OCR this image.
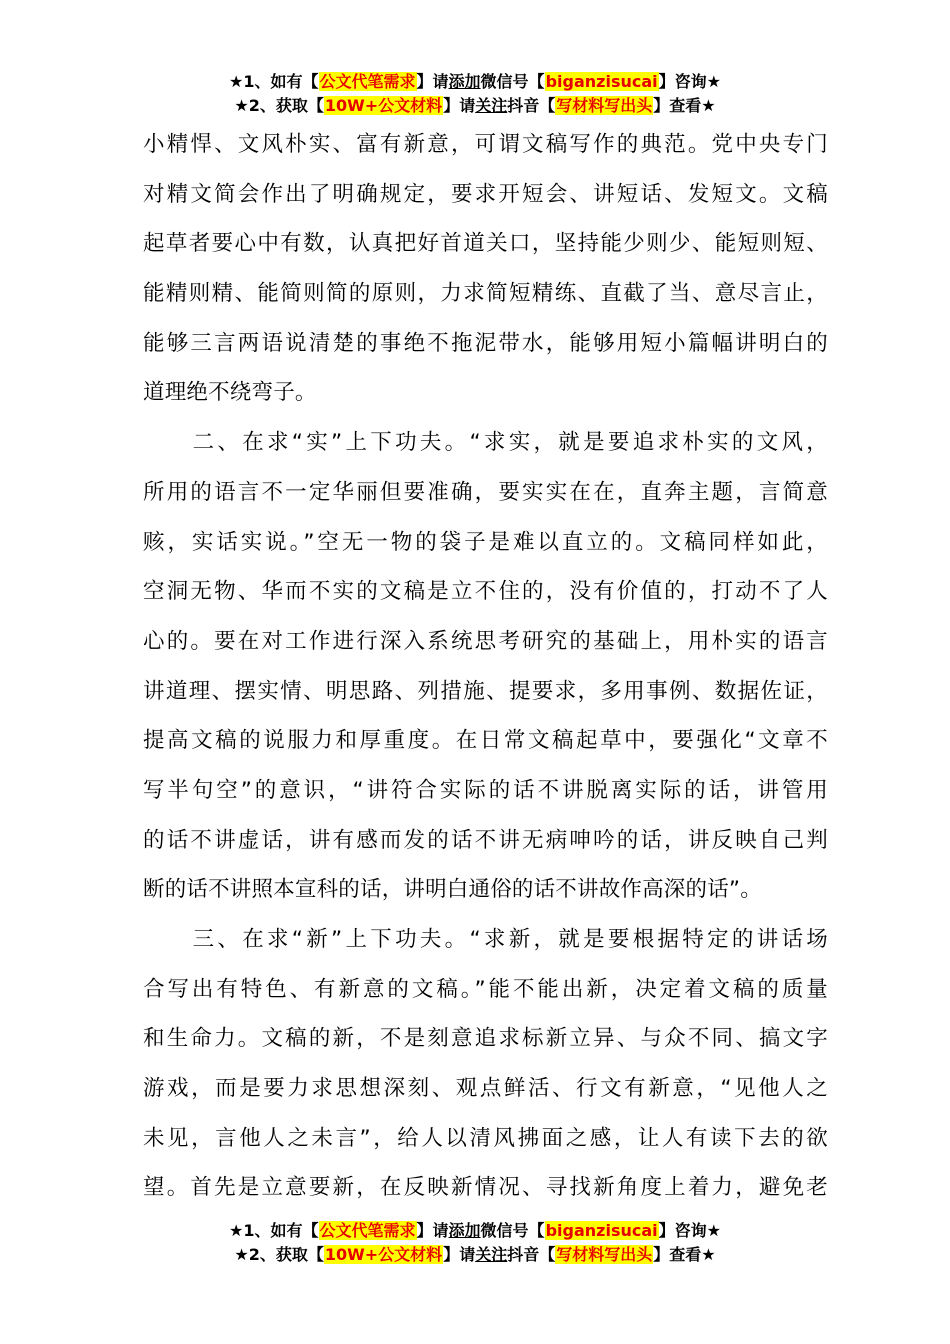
★1、如有【公文代笔需求】请添加微信号【biganzisucai】咨询★
★2、获取【10W+公文材料】请关注抖音【写材料写出头】查看★
小精悍、文风朴实、富有新意，可谓文稿写作的典范。党中央专门
对精文简会作出了明确规定，要求开短会、讲短话、发短文。文稿
起草者要心中有数，认真把好首道关口，坚持能少则少、能短则短、
能精则精、能简则简的原则，力求简短精练、直截了当、意尽言止，
能够三言两语说清楚的事绝不拖泥带水，能够用短小篇幅讲明白的
道理绝不绕弯子。
　　二、在求“实”上下功夫。“求实，就是要追求朴实的文风，
所用的语言不一定华丽但要准确，要实实在在，直奔主题，言简意
赅，实话实说。”空无一物的袋子是难以直立的。文稿同样如此，
空洞无物、华而不实的文稿是立不住的，没有价值的，打动不了人
心的。要在对工作进行深入系统思考研究的基础上，用朴实的语言
讲道理、摆实情、明思路、列措施、提要求，多用事例、数据佐证，
提高文稿的说服力和厚重度。在日常文稿起草中，要强化“文章不
写半句空”的意识，“讲符合实际的话不讲脱离实际的话，讲管用
的话不讲虚话，讲有感而发的话不讲无病呻吟的话，讲反映自己判
断的话不讲照本宣科的话，讲明白通俗的话不讲故作高深的话”。
　　三、在求“新”上下功夫。“求新，就是要根据特定的讲话场
合写出有特色、有新意的文稿。”能不能出新，决定着文稿的质量
和生命力。文稿的新，不是刻意追求标新立异、与众不同、搞文字
游戏，而是要力求思想深刻、观点鲜活、行文有新意，“见他人之
未见，言他人之未言”，给人以清风拂面之感，让人有读下去的欲
望。首先是立意要新，在反映新情况、寻找新角度上着力，避免老
★1、如有【公文代笔需求】请添加微信号【biganzisucai】咨询★
★2、获取【10W+公文材料】请关注抖音【写材料写出头】查看★
